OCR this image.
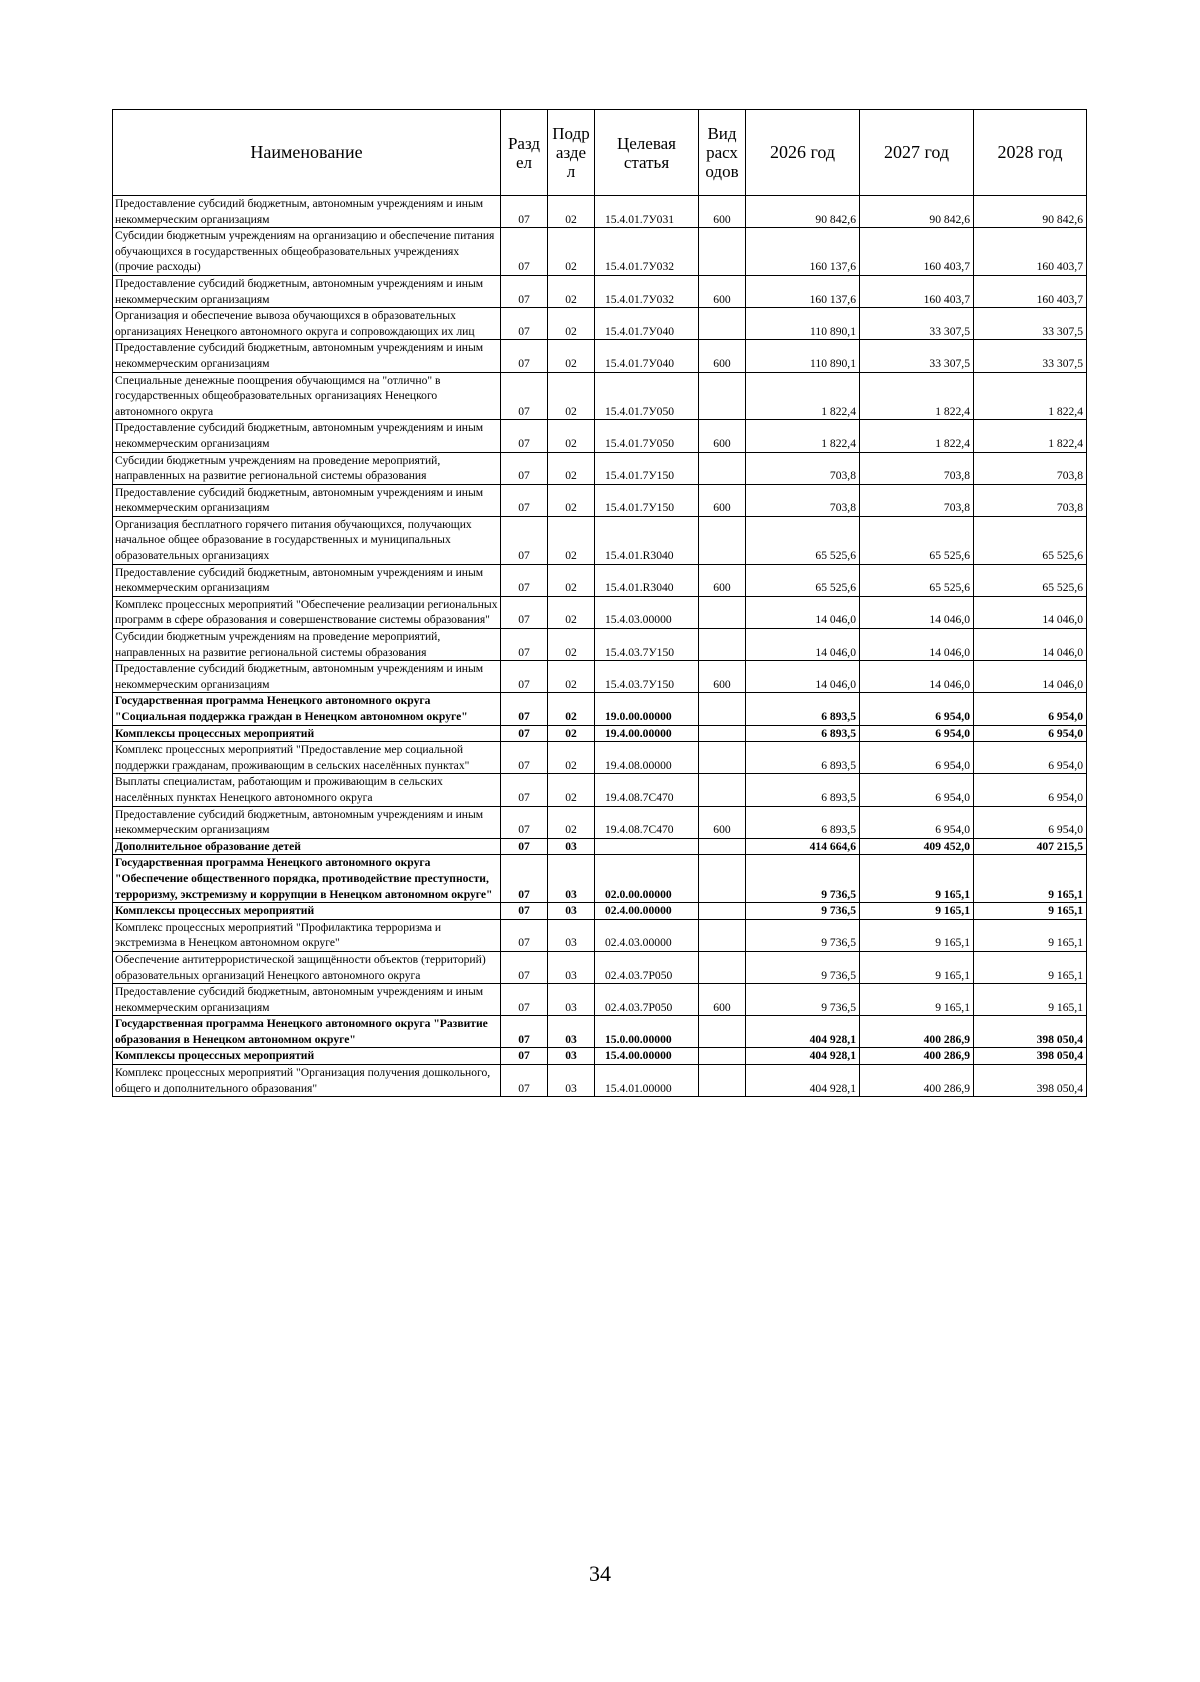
Наименование	Разд ел	Подр азде л	Целевая статья	Вид расх одов	2026 год	2027 год	2028 год
Предоставление субсидий бюджетным, автономным учреждениям и иным некоммерческим организациям	07	02	15.4.01.7У031	600	90 842,6	90 842,6	90 842,6
Субсидии бюджетным учреждениям на организацию и обеспечение питания обучающихся в государственных общеобразовательных учреждениях (прочие расходы)	07	02	15.4.01.7У032		160 137,6	160 403,7	160 403,7
Предоставление субсидий бюджетным, автономным учреждениям и иным некоммерческим организациям	07	02	15.4.01.7У032	600	160 137,6	160 403,7	160 403,7
Организация и обеспечение вывоза обучающихся в образовательных организациях Ненецкого автономного округа и сопровождающих их лиц	07	02	15.4.01.7У040		110 890,1	33 307,5	33 307,5
Предоставление субсидий бюджетным, автономным учреждениям и иным некоммерческим организациям	07	02	15.4.01.7У040	600	110 890,1	33 307,5	33 307,5
Специальные денежные поощрения обучающимся на "отлично" в государственных общеобразовательных организациях Ненецкого автономного округа	07	02	15.4.01.7У050		1 822,4	1 822,4	1 822,4
Предоставление субсидий бюджетным, автономным учреждениям и иным некоммерческим организациям	07	02	15.4.01.7У050	600	1 822,4	1 822,4	1 822,4
Субсидии бюджетным учреждениям на проведение мероприятий, направленных на развитие региональной системы образования	07	02	15.4.01.7У150		703,8	703,8	703,8
Предоставление субсидий бюджетным, автономным учреждениям и иным некоммерческим организациям	07	02	15.4.01.7У150	600	703,8	703,8	703,8
Организация бесплатного горячего питания обучающихся, получающих начальное общее образование в государственных и муниципальных образовательных организациях	07	02	15.4.01.R3040		65 525,6	65 525,6	65 525,6
Предоставление субсидий бюджетным, автономным учреждениям и иным некоммерческим организациям	07	02	15.4.01.R3040	600	65 525,6	65 525,6	65 525,6
Комплекс процессных мероприятий "Обеспечение реализации региональных программ в сфере образования и совершенствование системы образования"	07	02	15.4.03.00000		14 046,0	14 046,0	14 046,0
Субсидии бюджетным учреждениям на проведение мероприятий, направленных на развитие региональной системы образования	07	02	15.4.03.7У150		14 046,0	14 046,0	14 046,0
Предоставление субсидий бюджетным, автономным учреждениям и иным некоммерческим организациям	07	02	15.4.03.7У150	600	14 046,0	14 046,0	14 046,0
Государственная программа Ненецкого автономного округа "Социальная поддержка граждан в Ненецком автономном округе"	07	02	19.0.00.00000		6 893,5	6 954,0	6 954,0
Комплексы процессных мероприятий	07	02	19.4.00.00000		6 893,5	6 954,0	6 954,0
Комплекс процессных мероприятий "Предоставление мер социальной поддержки гражданам, проживающим в сельских населённых пунктах"	07	02	19.4.08.00000		6 893,5	6 954,0	6 954,0
Выплаты специалистам, работающим и проживающим в сельских населённых пунктах Ненецкого автономного округа	07	02	19.4.08.7С470		6 893,5	6 954,0	6 954,0
Предоставление субсидий бюджетным, автономным учреждениям и иным некоммерческим организациям	07	02	19.4.08.7С470	600	6 893,5	6 954,0	6 954,0
Дополнительное образование детей	07	03			414 664,6	409 452,0	407 215,5
Государственная программа Ненецкого автономного округа "Обеспечение общественного порядка, противодействие преступности, терроризму, экстремизму и коррупции в Ненецком автономном округе"	07	03	02.0.00.00000		9 736,5	9 165,1	9 165,1
Комплексы процессных мероприятий	07	03	02.4.00.00000		9 736,5	9 165,1	9 165,1
Комплекс процессных мероприятий "Профилактика терроризма и экстремизма в Ненецком автономном округе"	07	03	02.4.03.00000		9 736,5	9 165,1	9 165,1
Обеспечение антитеррористической защищённости объектов (территорий) образовательных организаций Ненецкого автономного округа	07	03	02.4.03.7Р050		9 736,5	9 165,1	9 165,1
Предоставление субсидий бюджетным, автономным учреждениям и иным некоммерческим организациям	07	03	02.4.03.7Р050	600	9 736,5	9 165,1	9 165,1
Государственная программа Ненецкого автономного округа "Развитие образования в Ненецком автономном округе"	07	03	15.0.00.00000		404 928,1	400 286,9	398 050,4
Комплексы процессных мероприятий	07	03	15.4.00.00000		404 928,1	400 286,9	398 050,4
Комплекс процессных мероприятий "Организация получения дошкольного, общего и дополнительного образования"	07	03	15.4.01.00000		404 928,1	400 286,9	398 050,4
34
